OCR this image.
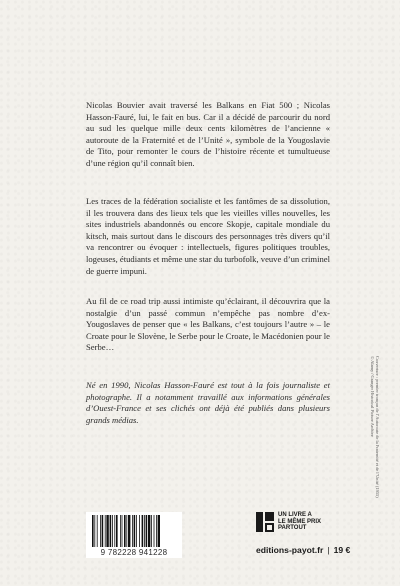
Nicolas Bouvier avait traversé les Balkans en Fiat 500 ; Nicolas Hasson-Fauré, lui, le fait en bus. Car il a décidé de parcourir du nord au sud les quelque mille deux cents kilomètres de l’ancienne « autoroute de la Fraternité et de l’Unité », symbole de la Yougoslavie de Tito, pour remonter le cours de l’histoire récente et tumultueuse d’une région qu’il connaît bien.

Les traces de la fédération socialiste et les fantômes de sa dissolution, il les trouvera dans des lieux tels que les vieilles villes nouvelles, les sites industriels abandonnés ou encore Skopje, capitale mondiale du kitsch, mais surtout dans le discours des personnages très divers qu’il va rencontrer ou évoquer : intellectuels, figures politiques troubles, logeuses, étudiants et même une star du turbofolk, veuve d’un criminel de guerre impuni.

Au fil de ce road trip aussi intimiste qu’éclairant, il découvrira que la nostalgie d’un passé commun n’empêche pas nombre d’ex-Yougoslaves de penser que « les Balkans, c’est toujours l’autre » – le Croate pour le Slovène, le Serbe pour le Croate, le Macédonien pour le Serbe…

Né en 1990, Nicolas Hasson-Fauré est tout à la fois journaliste et photographe. Il a notamment travaillé aux informations générales d’Ouest-France et ses clichés ont déjà été publiés dans plusieurs grands médias.	Couverture : premier tronçon de l’Autoroute de la Fraternité et de l’Unité (1955)
© Alamy / Granger Historical Picture Archive
9 782228 941228
UN LIVRE A
LE MÊME PRIX
PARTOUT
editions-payot.fr | 19 €
